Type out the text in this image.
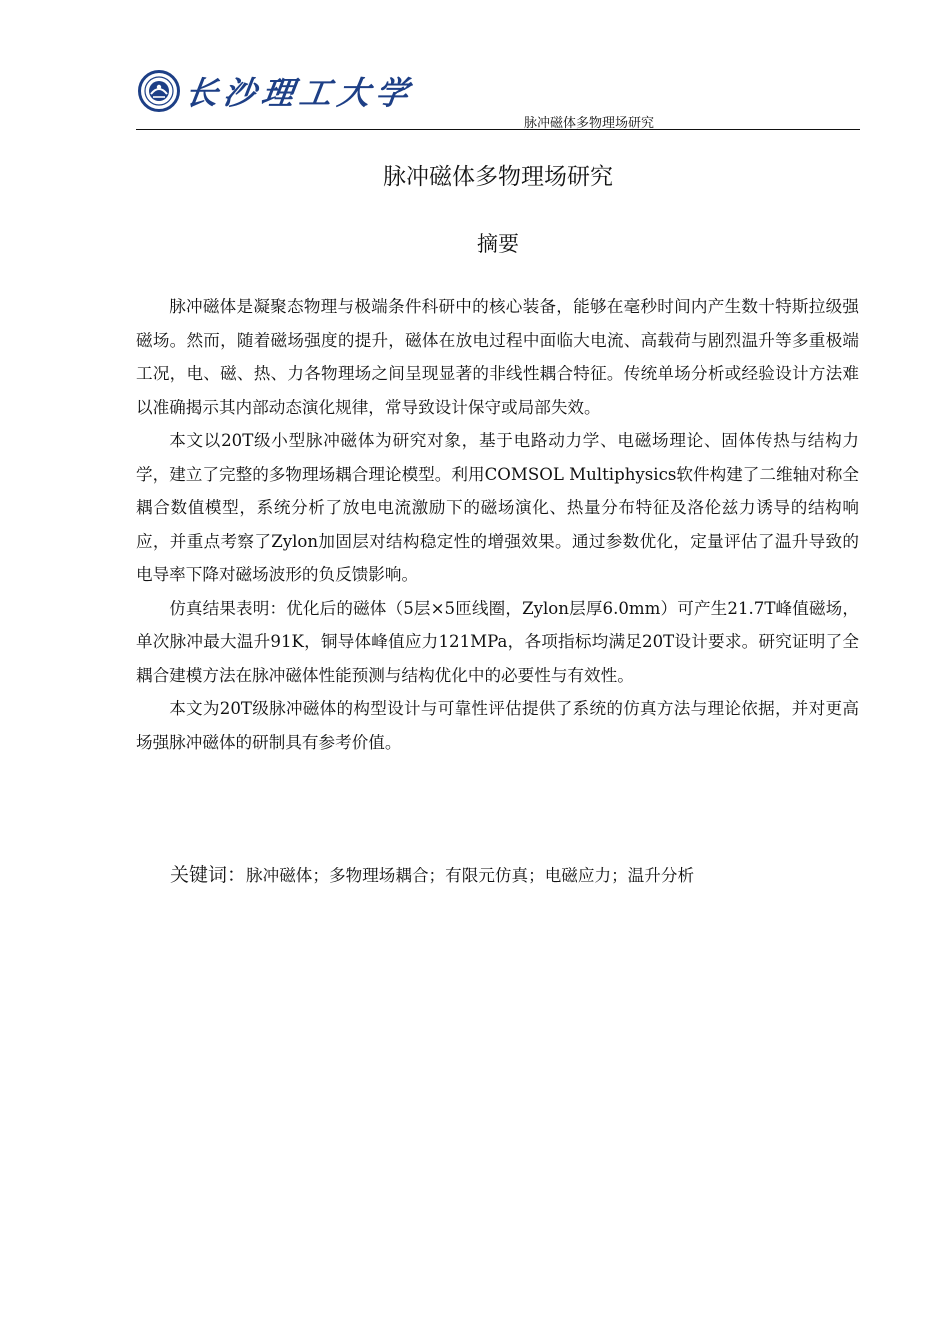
长沙理工大学
脉冲磁体多物理场研究
脉冲磁体多物理场研究
摘要

脉冲磁体是凝聚态物理与极端条件科研中的核心装备，能够在毫秒时间内产生数十特斯拉级强磁场。然而，随着磁场强度的提升，磁体在放电过程中面临大电流、高载荷与剧烈温升等多重极端工况，电、磁、热、力各物理场之间呈现显著的非线性耦合特征。传统单场分析或经验设计方法难以准确揭示其内部动态演化规律，常导致设计保守或局部失效。

本文以20T级小型脉冲磁体为研究对象，基于电路动力学、电磁场理论、固体传热与结构力学，建立了完整的多物理场耦合理论模型。利用COMSOL Multiphysics软件构建了二维轴对称全耦合数值模型，系统分析了放电电流激励下的磁场演化、热量分布特征及洛伦兹力诱导的结构响应，并重点考察了Zylon加固层对结构稳定性的增强效果。通过参数优化，定量评估了温升导致的电导率下降对磁场波形的负反馈影响。

仿真结果表明：优化后的磁体（5层×5匝线圈，Zylon层厚6.0mm）可产生21.7T峰值磁场，单次脉冲最大温升91K，铜导体峰值应力121MPa，各项指标均满足20T设计要求。研究证明了全耦合建模方法在脉冲磁体性能预测与结构优化中的必要性与有效性。

本文为20T级脉冲磁体的构型设计与可靠性评估提供了系统的仿真方法与理论依据，并对更高场强脉冲磁体的研制具有参考价值。

关键词：脉冲磁体；多物理场耦合；有限元仿真；电磁应力；温升分析
